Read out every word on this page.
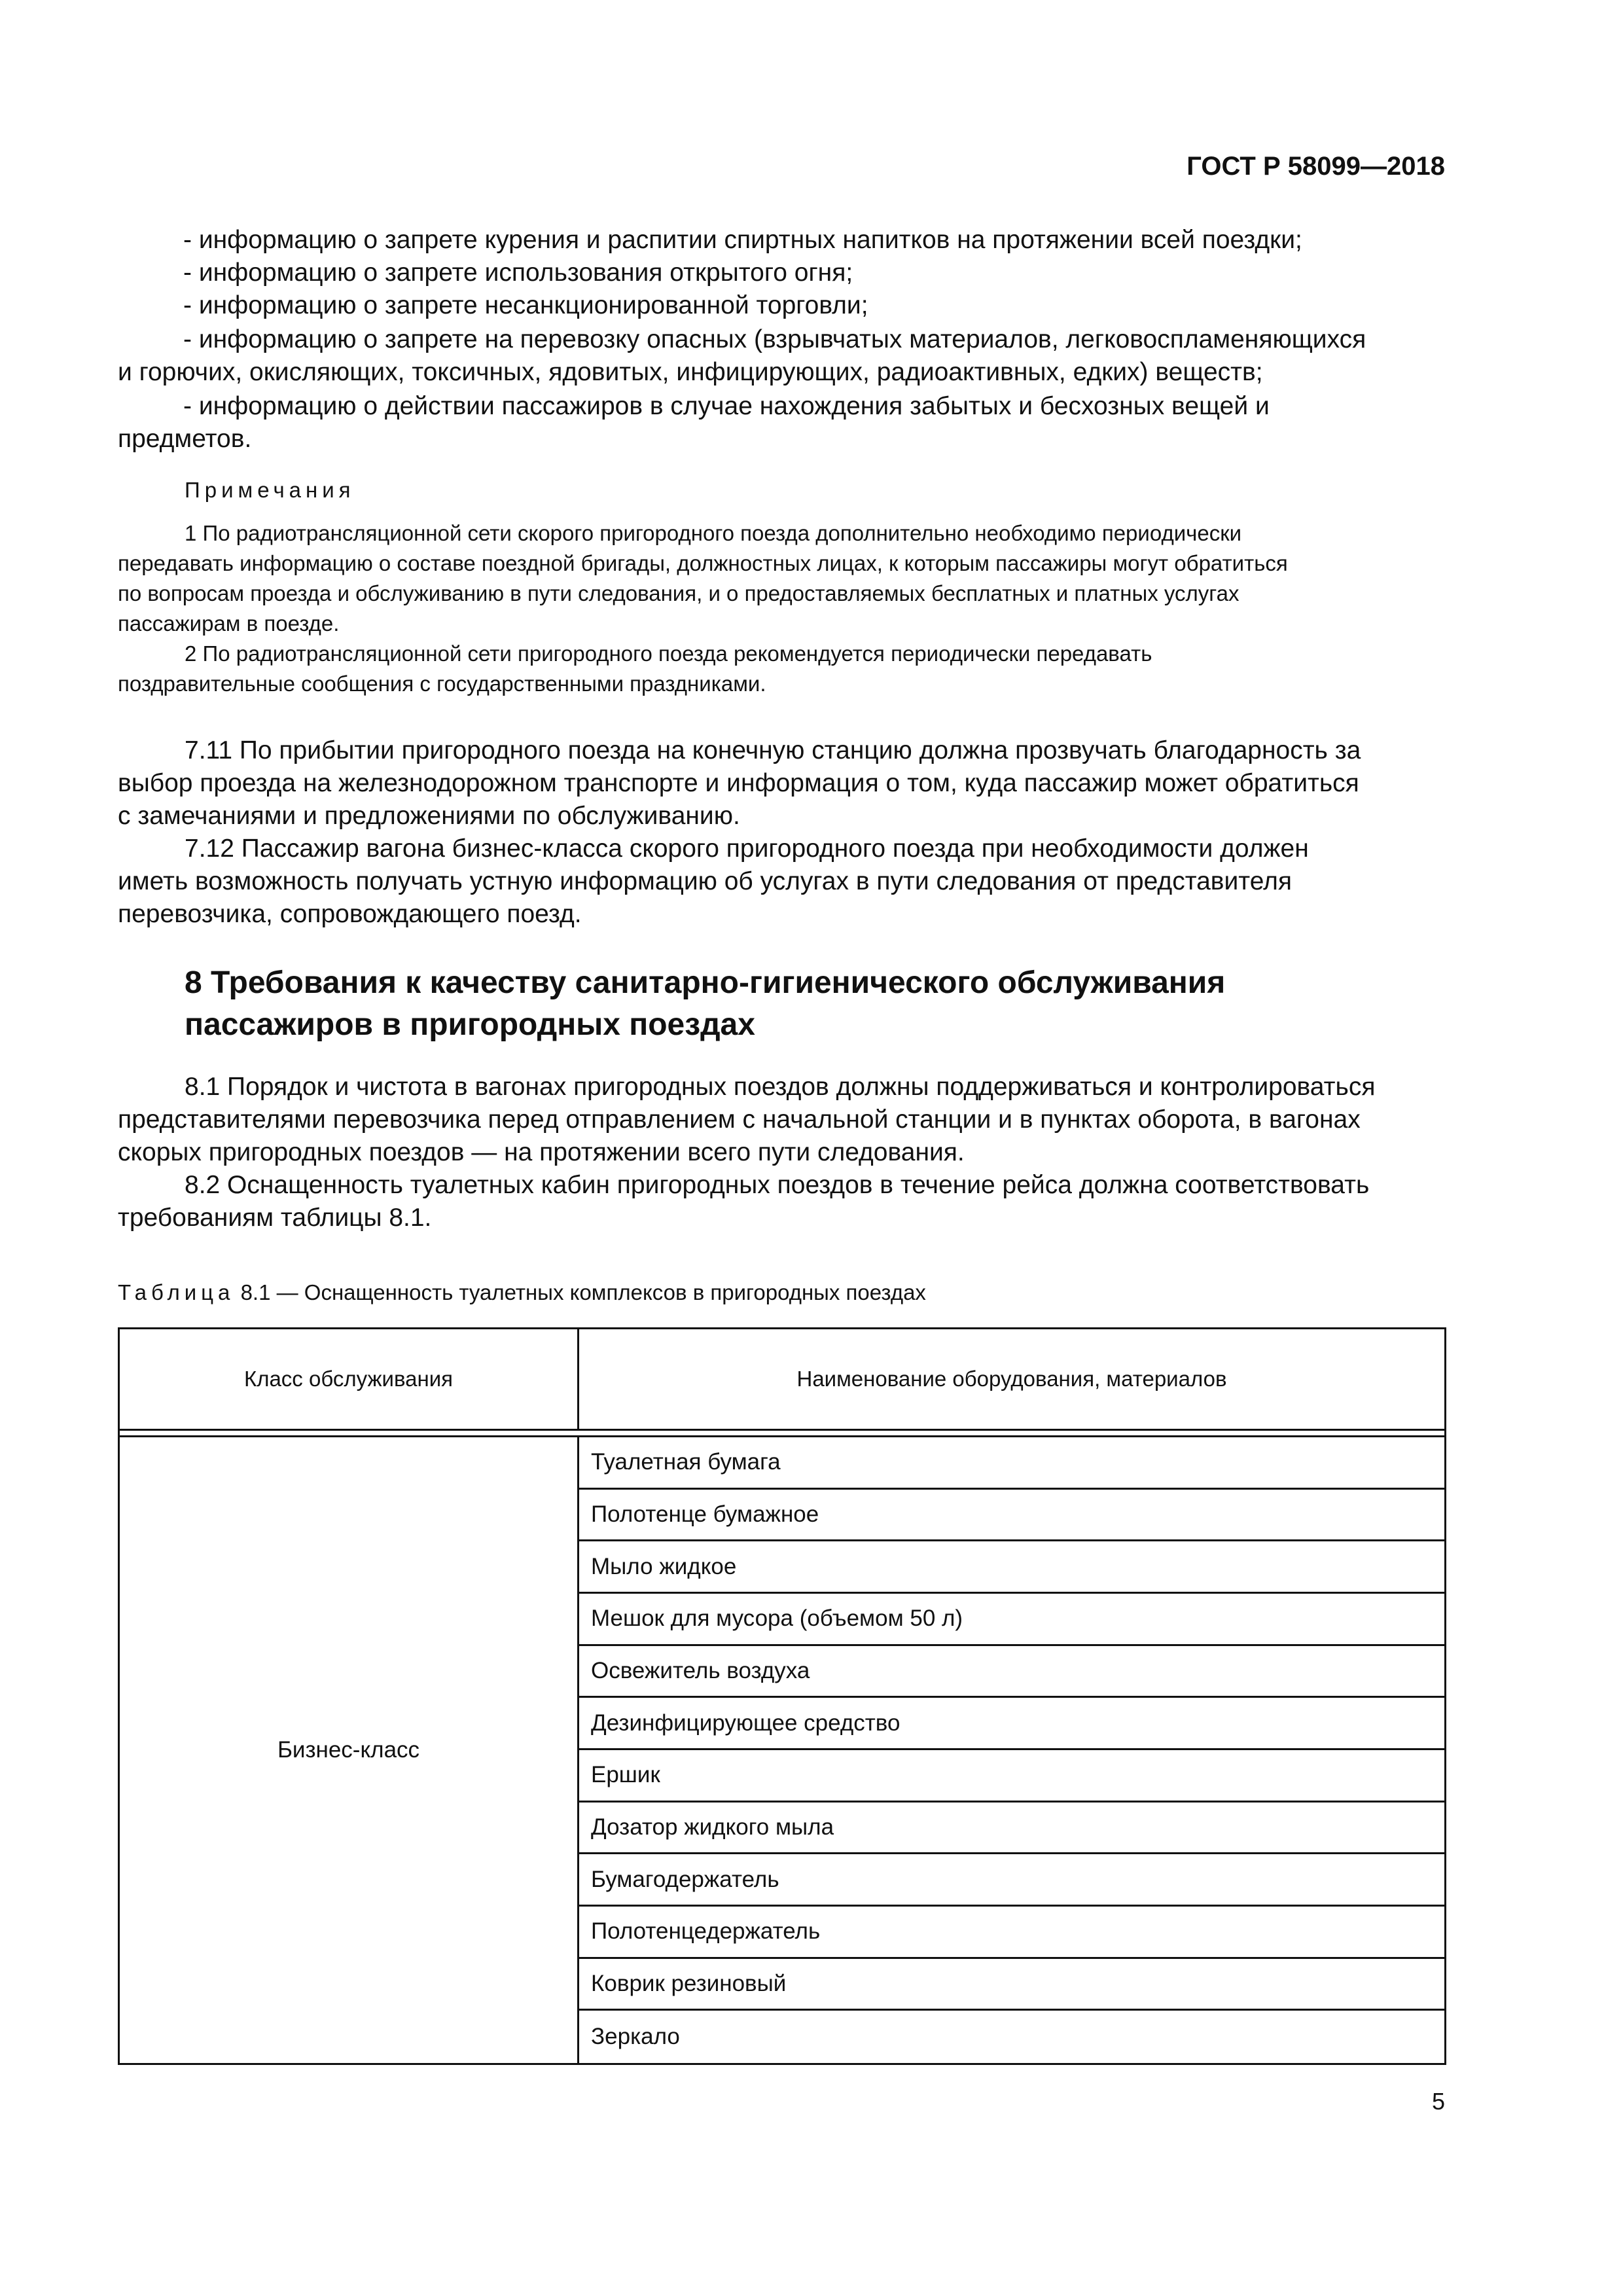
ГОСТ Р 58099—2018
- информацию о запрете курения и распитии спиртных напитков на протяжении всей поездки;
- информацию о запрете использования открытого огня;
- информацию о запрете несанкционированной торговли;
- информацию о запрете на перевозку опасных (взрывчатых материалов, легковоспламеняющихся
и горючих, окисляющих, токсичных, ядовитых, инфицирующих, радиоактивных, едких) веществ;
- информацию о действии пассажиров в случае нахождения забытых и бесхозных вещей и
предметов.
Примечания
1 По радиотрансляционной сети скорого пригородного поезда дополнительно необходимо периодически
передавать информацию о составе поездной бригады, должностных лицах, к которым пассажиры могут обратиться
по вопросам проезда и обслуживанию в пути следования, и о предоставляемых бесплатных и платных услугах
пассажирам в поезде.
2 По радиотрансляционной сети пригородного поезда рекомендуется периодически передавать
поздравительные сообщения с государственными праздниками.
7.11 По прибытии пригородного поезда на конечную станцию должна прозвучать благодарность за
выбор проезда на железнодорожном транспорте и информация о том, куда пассажир может обратиться
с замечаниями и предложениями по обслуживанию.
7.12 Пассажир вагона бизнес-класса скорого пригородного поезда при необходимости должен
иметь возможность получать устную информацию об услугах в пути следования от представителя
перевозчика, сопровождающего поезд.
8 Требования к качеству санитарно-гигиенического обслуживания
пассажиров в пригородных поездах
8.1 Порядок и чистота в вагонах пригородных поездов должны поддерживаться и контролироваться
представителями перевозчика перед отправлением с начальной станции и в пунктах оборота, в вагонах
скорых пригородных поездов — на протяжении всего пути следования.
8.2 Оснащенность туалетных кабин пригородных поездов в течение рейса должна соответствовать
требованиям таблицы 8.1.
Таблица 8.1 — Оснащенность туалетных комплексов в пригородных поездах
Класс обслуживания	Наименование оборудования, материалов
Бизнес-класс
Туалетная бумага
Полотенце бумажное
Мыло жидкое
Мешок для мусора (объемом 50 л)
Освежитель воздуха
Дезинфицирующее средство
Ершик
Дозатор жидкого мыла
Бумагодержатель
Полотенцедержатель
Коврик резиновый
Зеркало
5
